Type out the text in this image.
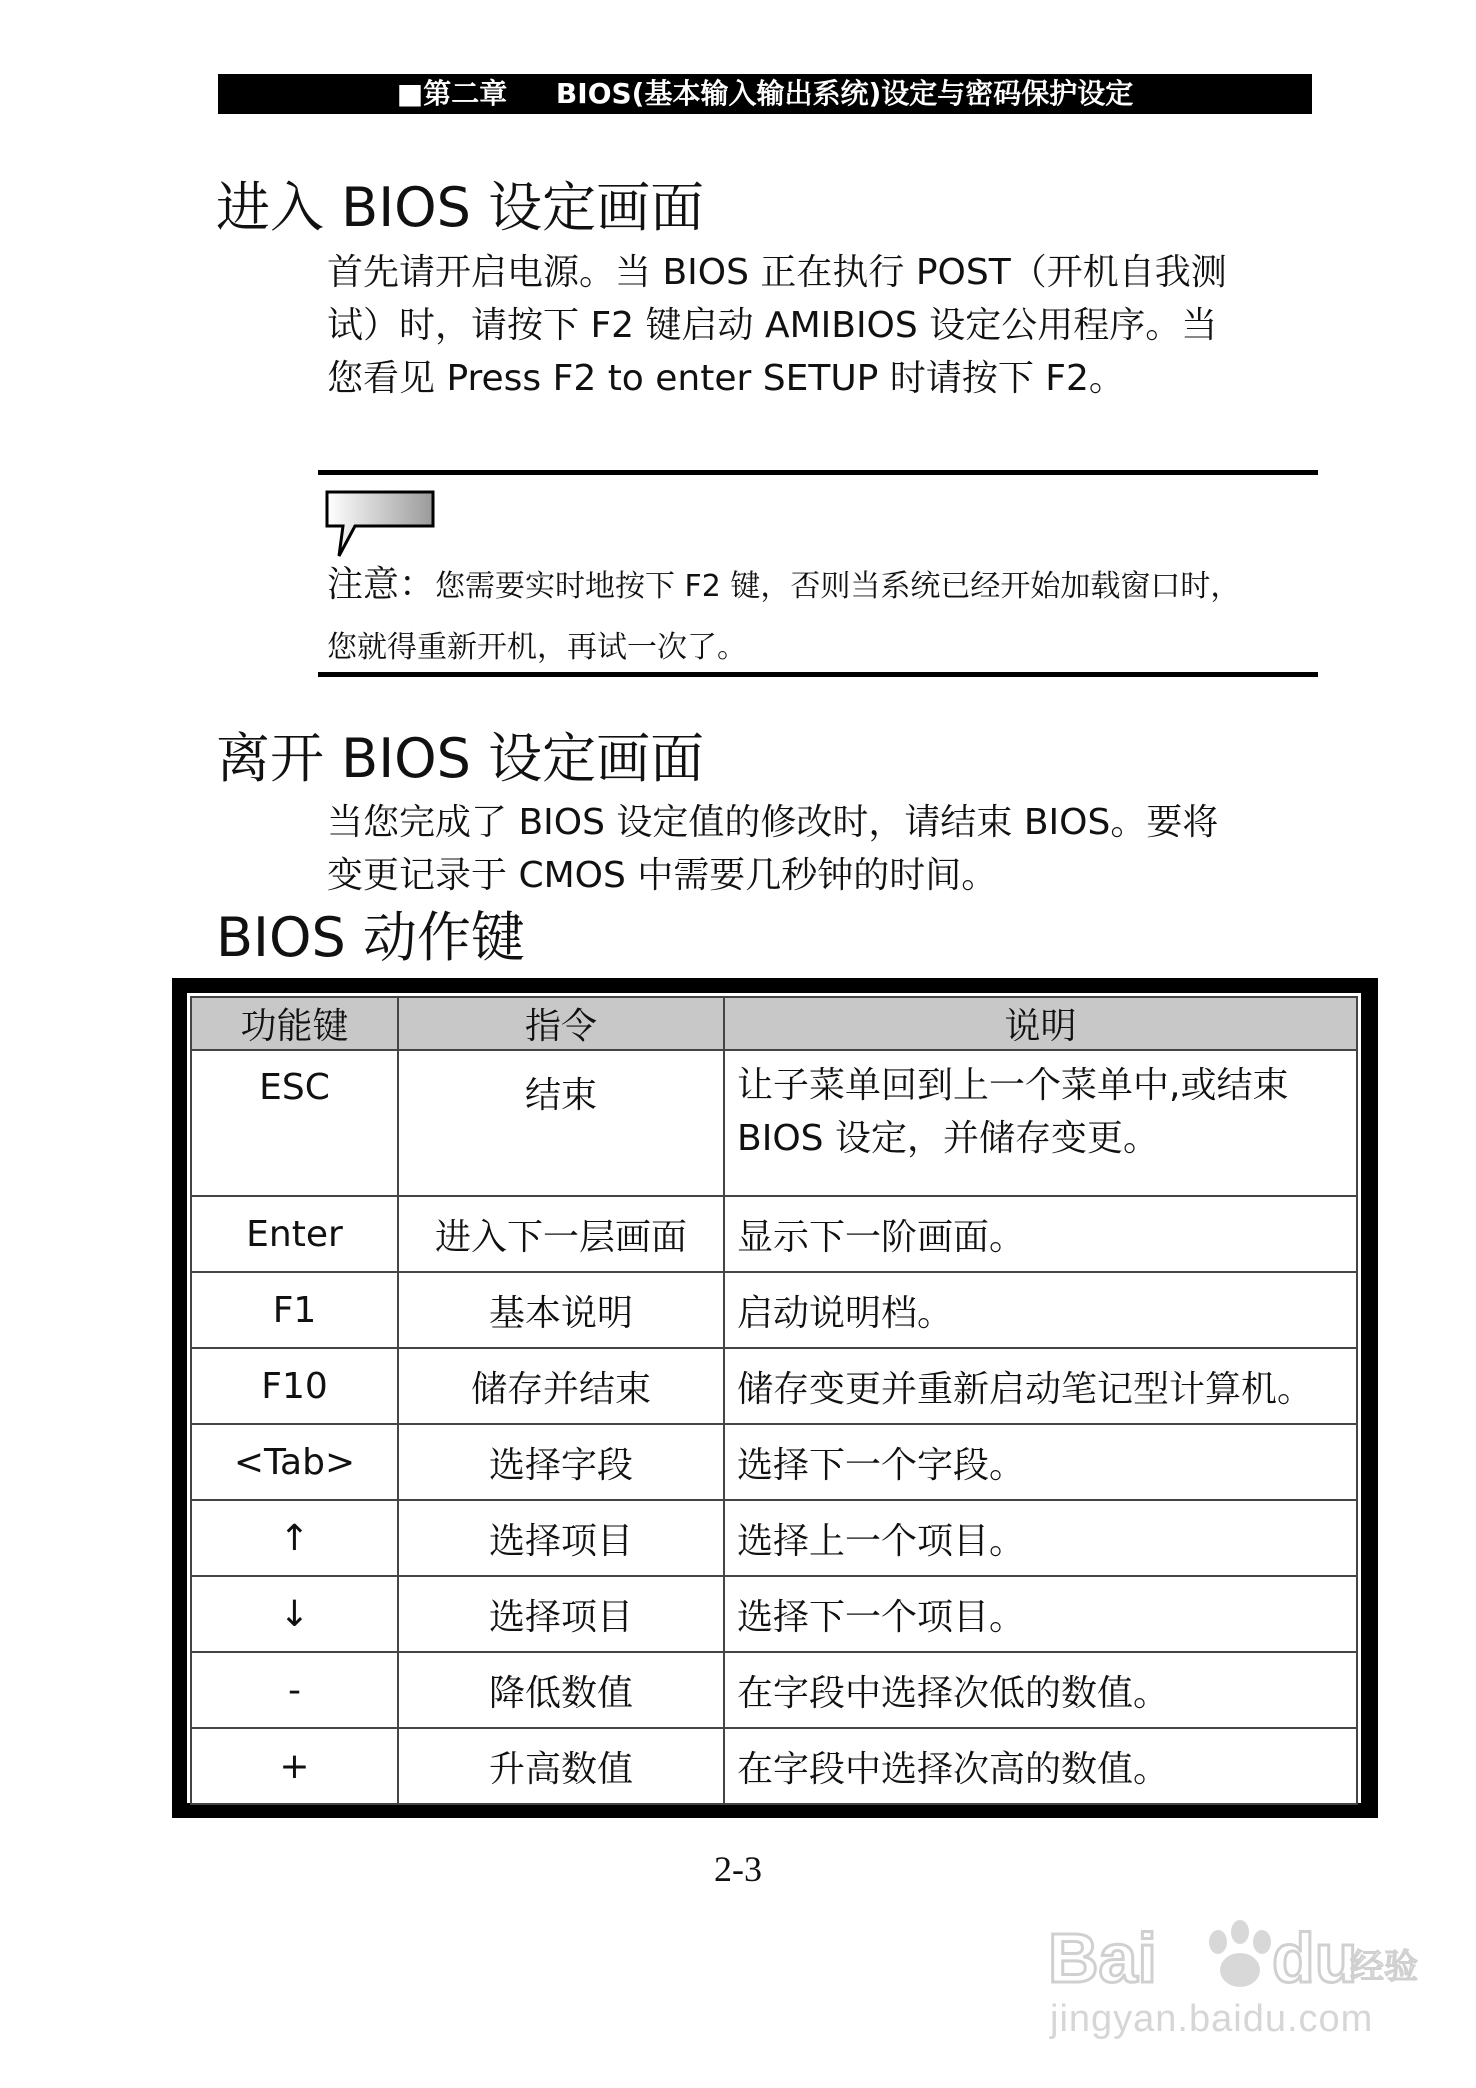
■第二章     BIOS(基本输入输出系统)设定与密码保护设定
进入 BIOS 设定画面

首先请开启电源。当 BIOS 正在执行 POST（开机自我测

试）时，请按下 F2 键启动 AMIBIOS 设定公用程序。当

您看见 Press F2 to enter SETUP 时请按下 F2。

注意：您需要实时地按下 F2 键，否则当系统已经开始加载窗口时，
您就得重新开机，再试一次了。
离开 BIOS 设定画面

当您完成了 BIOS 设定值的修改时，请结束 BIOS。要将

变更记录于 CMOS 中需要几秒钟的时间。

BIOS 动作键
功能键	指令	说明
ESC	结束	让子菜单回到上一个菜单中,或结束
BIOS 设定，并储存变更。
Enter	进入下一层画面	显示下一阶画面。
F1	基本说明	启动说明档。
F10	储存并结束	储存变更并重新启动笔记型计算机。
<Tab>	选择字段	选择下一个字段。
↑	选择项目	选择上一个项目。
↓	选择项目	选择下一个项目。
-	降低数值	在字段中选择次低的数值。
+	升高数值	在字段中选择次高的数值。
2-3
Bai du
经验
jingyan.baidu.com
